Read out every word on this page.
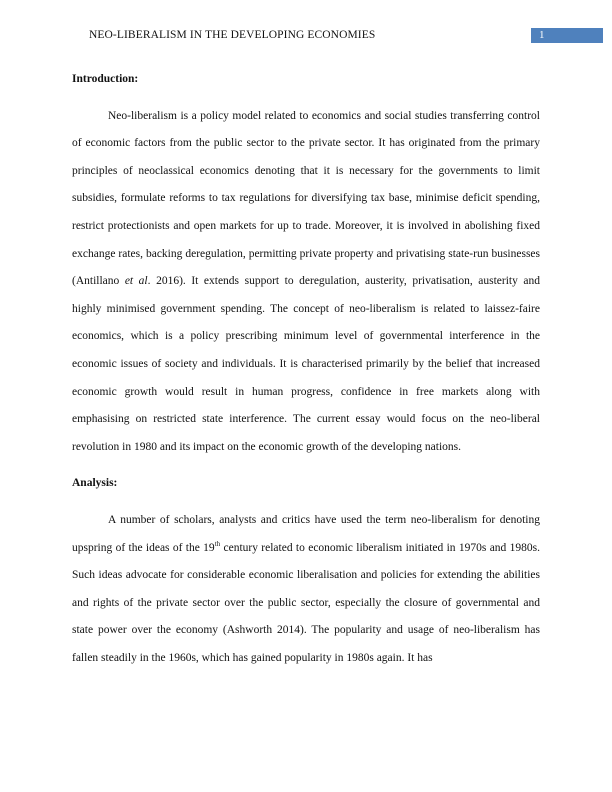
NEO-LIBERALISM IN THE DEVELOPING ECONOMIES	1

Introduction:

Neo-liberalism is a policy model related to economics and social studies transferring control of economic factors from the public sector to the private sector. It has originated from the primary principles of neoclassical economics denoting that it is necessary for the governments to limit subsidies, formulate reforms to tax regulations for diversifying tax base, minimise deficit spending, restrict protectionists and open markets for up to trade. Moreover, it is involved in abolishing fixed exchange rates, backing deregulation, permitting private property and privatising state-run businesses (Antillano et al. 2016). It extends support to deregulation, austerity, privatisation, austerity and highly minimised government spending. The concept of neo-liberalism is related to laissez-faire economics, which is a policy prescribing minimum level of governmental interference in the economic issues of society and individuals. It is characterised primarily by the belief that increased economic growth would result in human progress, confidence in free markets along with emphasising on restricted state interference. The current essay would focus on the neo-liberal revolution in 1980 and its impact on the economic growth of the developing nations.

Analysis:

A number of scholars, analysts and critics have used the term neo-liberalism for denoting upspring of the ideas of the 19th century related to economic liberalism initiated in 1970s and 1980s. Such ideas advocate for considerable economic liberalisation and policies for extending the abilities and rights of the private sector over the public sector, especially the closure of governmental and state power over the economy (Ashworth 2014). The popularity and usage of neo-liberalism has fallen steadily in the 1960s, which has gained popularity in 1980s again. It has
